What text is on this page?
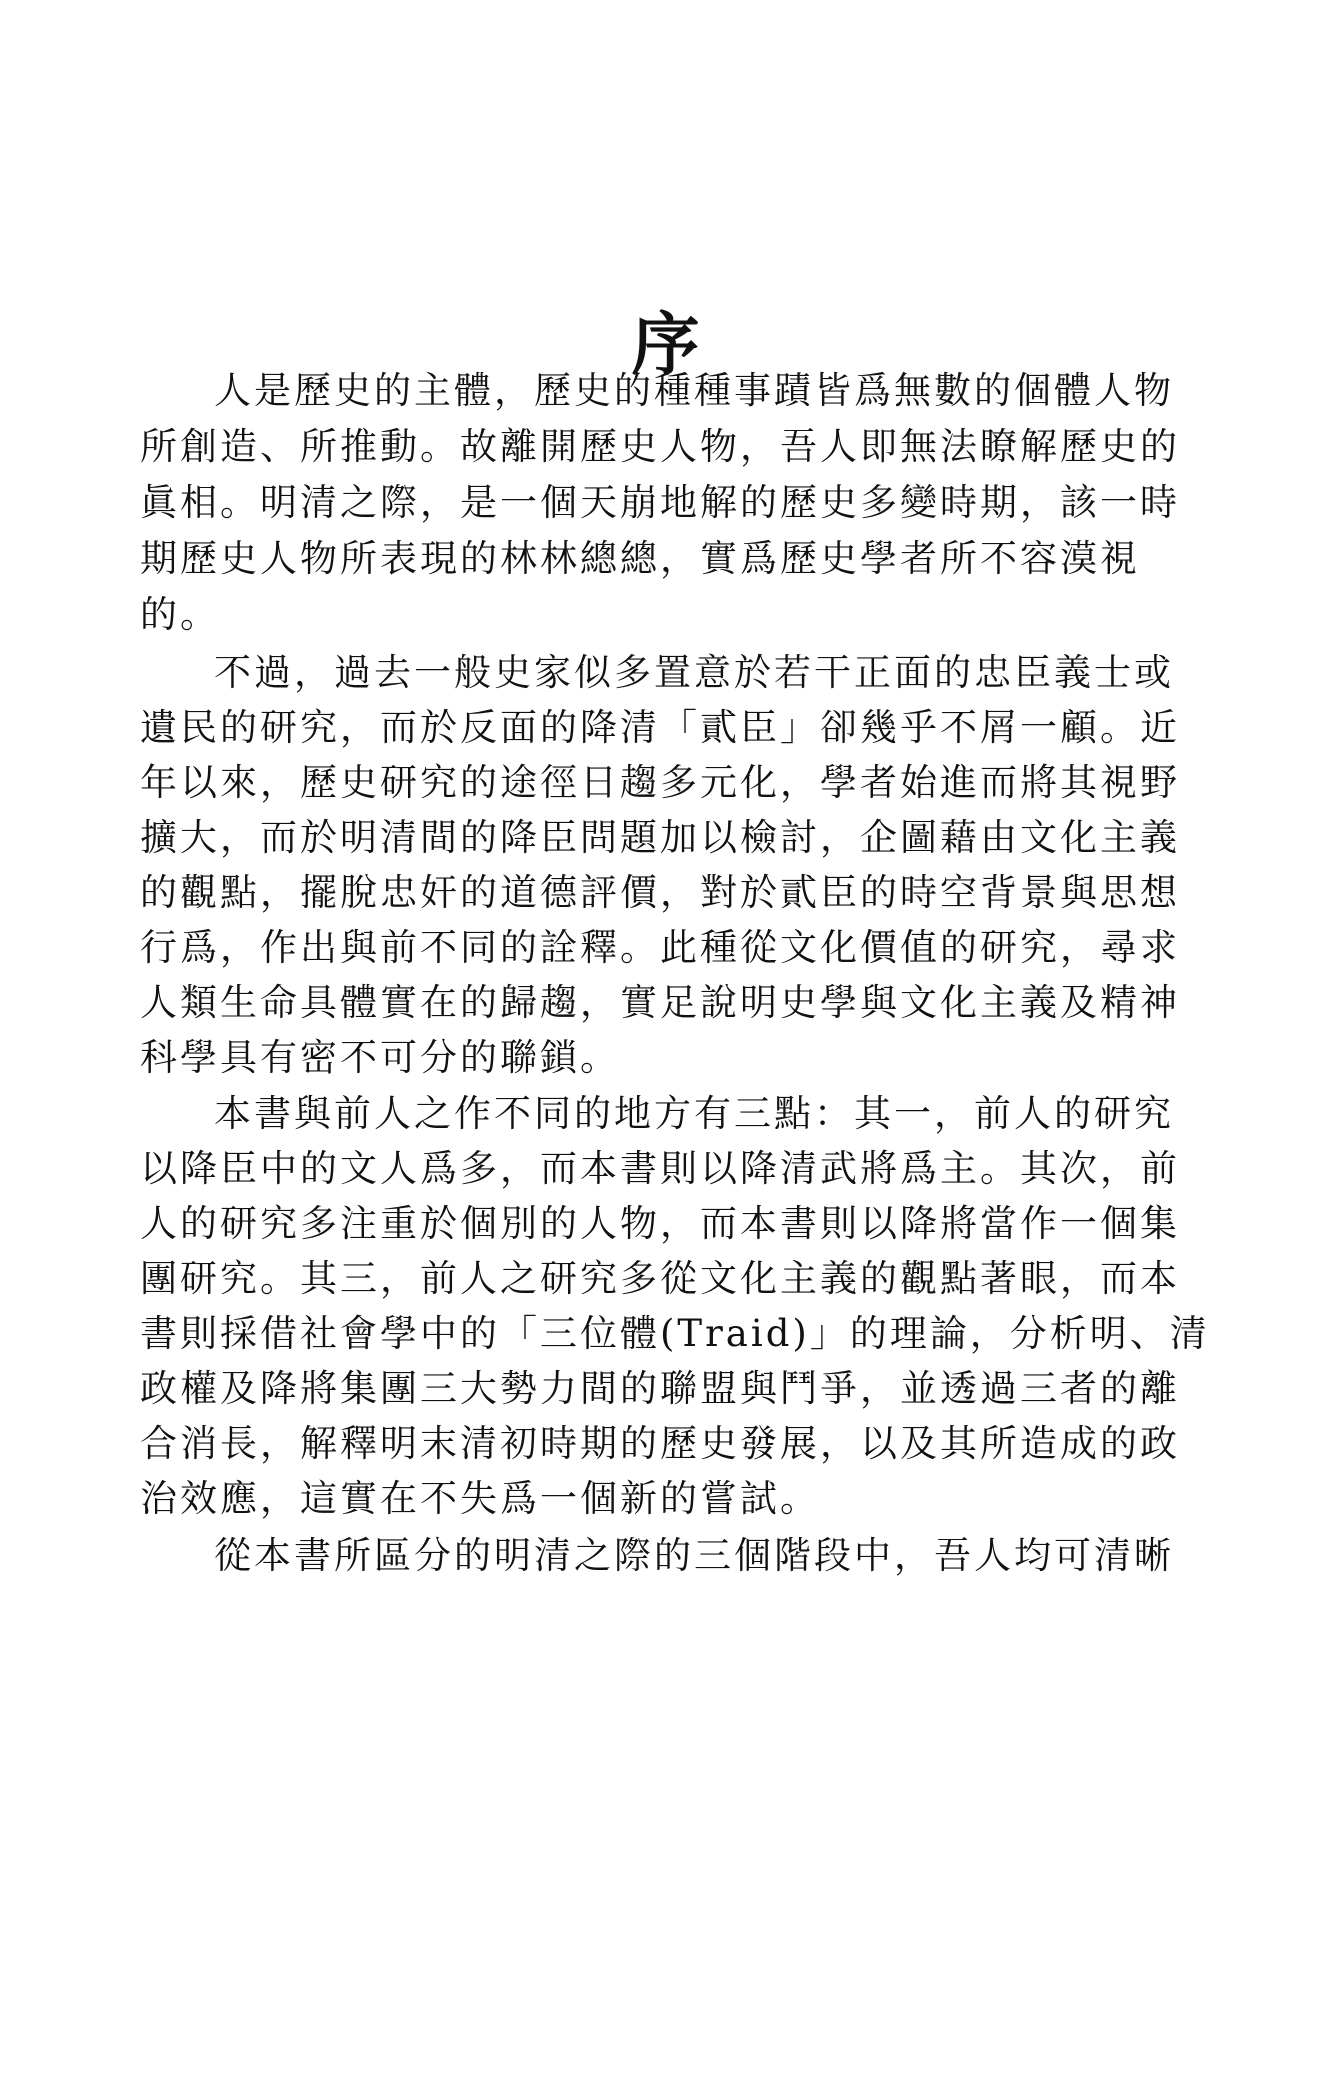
序
人是歷史的主體，歷史的種種事蹟皆爲無數的個體人物
所創造、所推動。故離開歷史人物，吾人即無法瞭解歷史的
眞相。明清之際，是一個天崩地解的歷史多變時期，該一時
期歷史人物所表現的林林總總，實爲歷史學者所不容漠視
的。
不過，過去一般史家似多置意於若干正面的忠臣義士或
遺民的研究，而於反面的降清「貳臣」卻幾乎不屑一顧。近
年以來，歷史研究的途徑日趨多元化，學者始進而將其視野
擴大，而於明清間的降臣問題加以檢討，企圖藉由文化主義
的觀點，擺脫忠奸的道德評價，對於貳臣的時空背景與思想
行爲，作出與前不同的詮釋。此種從文化價值的研究，尋求
人類生命具體實在的歸趨，實足說明史學與文化主義及精神
科學具有密不可分的聯鎖。
本書與前人之作不同的地方有三點：其一，前人的研究
以降臣中的文人爲多，而本書則以降清武將爲主。其次，前
人的研究多注重於個別的人物，而本書則以降將當作一個集
團研究。其三，前人之研究多從文化主義的觀點著眼，而本
書則採借社會學中的「三位體(Traid)」的理論，分析明、清
政權及降將集團三大勢力間的聯盟與鬥爭，並透過三者的離
合消長，解釋明末清初時期的歷史發展，以及其所造成的政
治效應，這實在不失爲一個新的嘗試。
從本書所區分的明清之際的三個階段中，吾人均可清晰
